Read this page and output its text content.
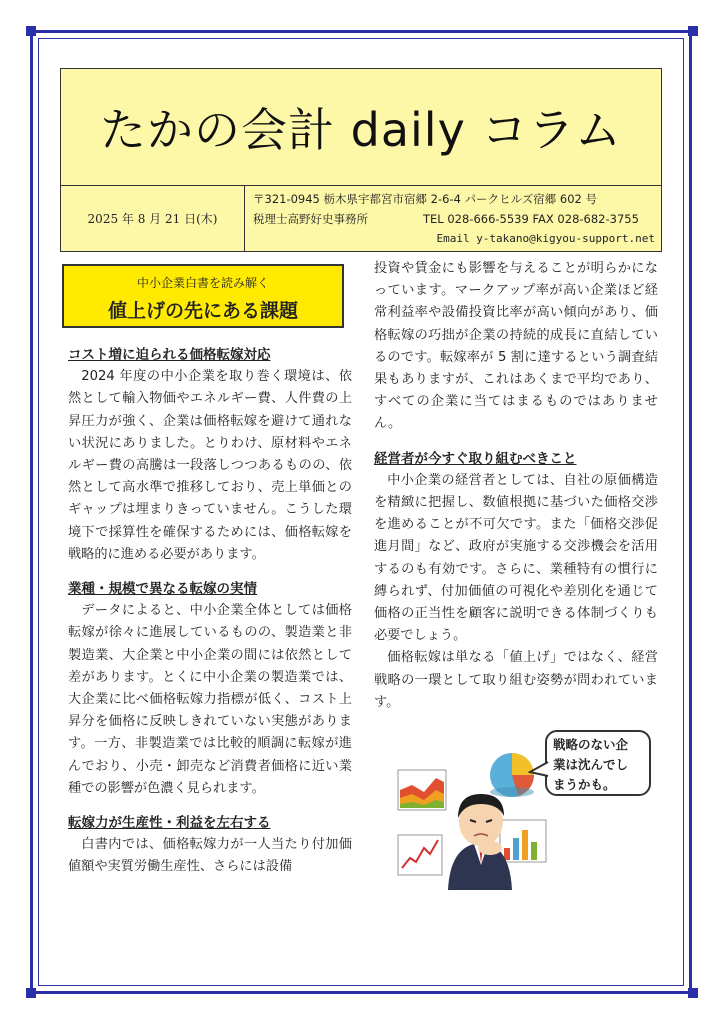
たかの会計 daily コラム
2025 年 8 月 21 日(木)
〒321-0945 栃木県宇都宮市宿郷 2-6-4 パークヒルズ宿郷 602 号
税理士高野好史事務所	TEL 028-666-5539 FAX 028-682-3755
Email y-takano@kigyou-support.net
中小企業白書を読み解く
値上げの先にある課題
コスト増に迫られる価格転嫁対応

2024 年度の中小企業を取り巻く環境は、依然として輸入物価やエネルギー費、人件費の上昇圧力が強く、企業は価格転嫁を避けて通れない状況にありました。とりわけ、原材料やエネルギー費の高騰は一段落しつつあるものの、依然として高水準で推移しており、売上単価とのギャップは埋まりきっていません。こうした環境下で採算性を確保するためには、価格転嫁を戦略的に進める必要があります。

業種・規模で異なる転嫁の実情

データによると、中小企業全体としては価格転嫁が徐々に進展しているものの、製造業と非製造業、大企業と中小企業の間には依然として差があります。とくに中小企業の製造業では、大企業に比べ価格転嫁力指標が低く、コスト上昇分を価格に反映しきれていない実態があります。一方、非製造業では比較的順調に転嫁が進んでおり、小売・卸売など消費者価格に近い業種での影響が色濃く見られます。

転嫁力が生産性・利益を左右する

白書内では、価格転嫁力が一人当たり付加価値額や実質労働生産性、さらには設備

投資や賃金にも影響を与えることが明らかになっています。マークアップ率が高い企業ほど経常利益率や設備投資比率が高い傾向があり、価格転嫁の巧拙が企業の持続的成長に直結しているのです。転嫁率が 5 割に達するという調査結果もありますが、これはあくまで平均であり、すべての企業に当てはまるものではありません。

経営者が今すぐ取り組むべきこと

中小企業の経営者としては、自社の原価構造を精緻に把握し、数値根拠に基づいた価格交渉を進めることが不可欠です。また「価格交渉促進月間」など、政府が実施する交渉機会を活用するのも有効です。さらに、業種特有の慣行に縛られず、付加価値の可視化や差別化を通じて価格の正当性を顧客に説明できる体制づくりも必要でしょう。

価格転嫁は単なる「値上げ」ではなく、経営戦略の一環として取り組む姿勢が問われています。

戦略のない企
業は沈んでし
まうかも。
